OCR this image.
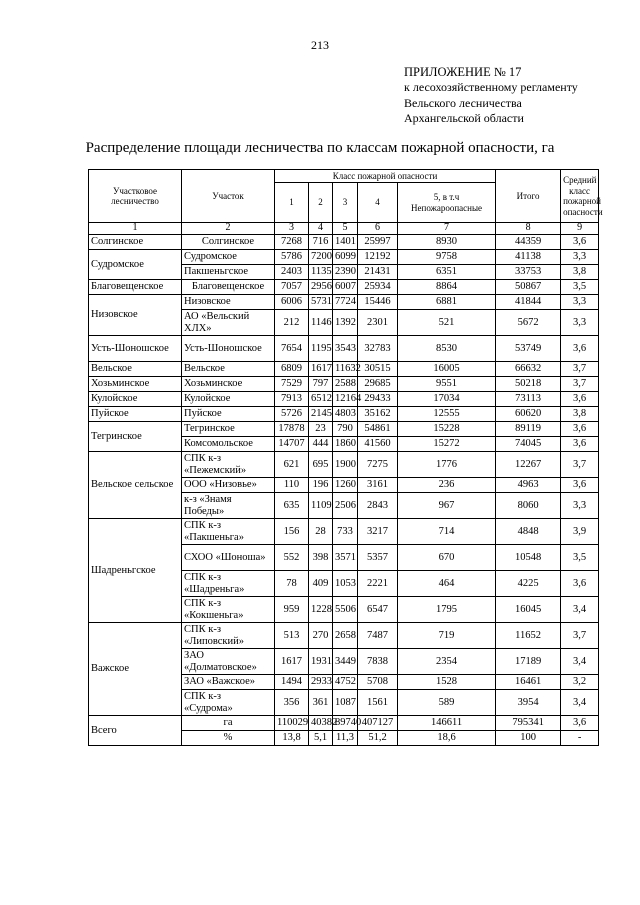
213
ПРИЛОЖЕНИЕ № 17
к лесохозяйственному регламенту
Вельского лесничества
Архангельской области
Распределение площади лесничества по классам пожарной опасности, га
Участковое лесничество	Участок	Класс пожарной опасности					Итого	Средний класс пожарной опасности
		1	2	3	4	5, в т.ч Непожароопасные		
1	2	3	4	5	6	7	8	9
Солгинское	Солгинское	7268	716	1401	25997	8930	44359	3,6
Судромское	Судромское	5786	7200	6099	12192	9758	41138	3,3
	Пакшеньгское	2403	1135	2390	21431	6351	33753	3,8
Благовещенское	Благовещенское	7057	2956	6007	25934	8864	50867	3,5
Низовское	Низовское	6006	5731	7724	15446	6881	41844	3,3
	АО «Вельский ХЛХ»	212	1146	1392	2301	521	5672	3,3
Усть-Шоношское	Усть-Шоношское	7654	1195	3543	32783	8530	53749	3,6
Вельское	Вельское	6809	1617	11632	30515	16005	66632	3,7
Хозьминское	Хозьминское	7529	797	2588	29685	9551	50218	3,7
Кулойское	Кулойское	7913	6512	12164	29433	17034	73113	3,6
Пуйское	Пуйское	5726	2145	4803	35162	12555	60620	3,8
Тегринское	Тегринское	17878	23	790	54861	15228	89119	3,6
	Комсомольское	14707	444	1860	41560	15272	74045	3,6
Вельское сельское	СПК к-з «Пежемский»	621	695	1900	7275	1776	12267	3,7
	ООО «Низовье»	110	196	1260	3161	236	4963	3,6
	к-з «Знамя Победы»	635	1109	2506	2843	967	8060	3,3
Шадреньгское	СПК к-з «Пакшеньга»	156	28	733	3217	714	4848	3,9
	СХОО «Шоноша»	552	398	3571	5357	670	10548	3,5
	СПК к-з «Шадреньга»	78	409	1053	2221	464	4225	3,6
	СПК к-з «Кокшеньга»	959	1228	5506	6547	1795	16045	3,4
Важское	СПК к-з «Липовский»	513	270	2658	7487	719	11652	3,7
	ЗАО «Долматовское»	1617	1931	3449	7838	2354	17189	3,4
	ЗАО «Важское»	1494	2933	4752	5708	1528	16461	3,2
	СПК к-з «Судрома»	356	361	1087	1561	589	3954	3,4
Всего	га	110029	40382	89740	407127	146611	795341	3,6
	%	13,8	5,1	11,3	51,2	18,6	100	-
